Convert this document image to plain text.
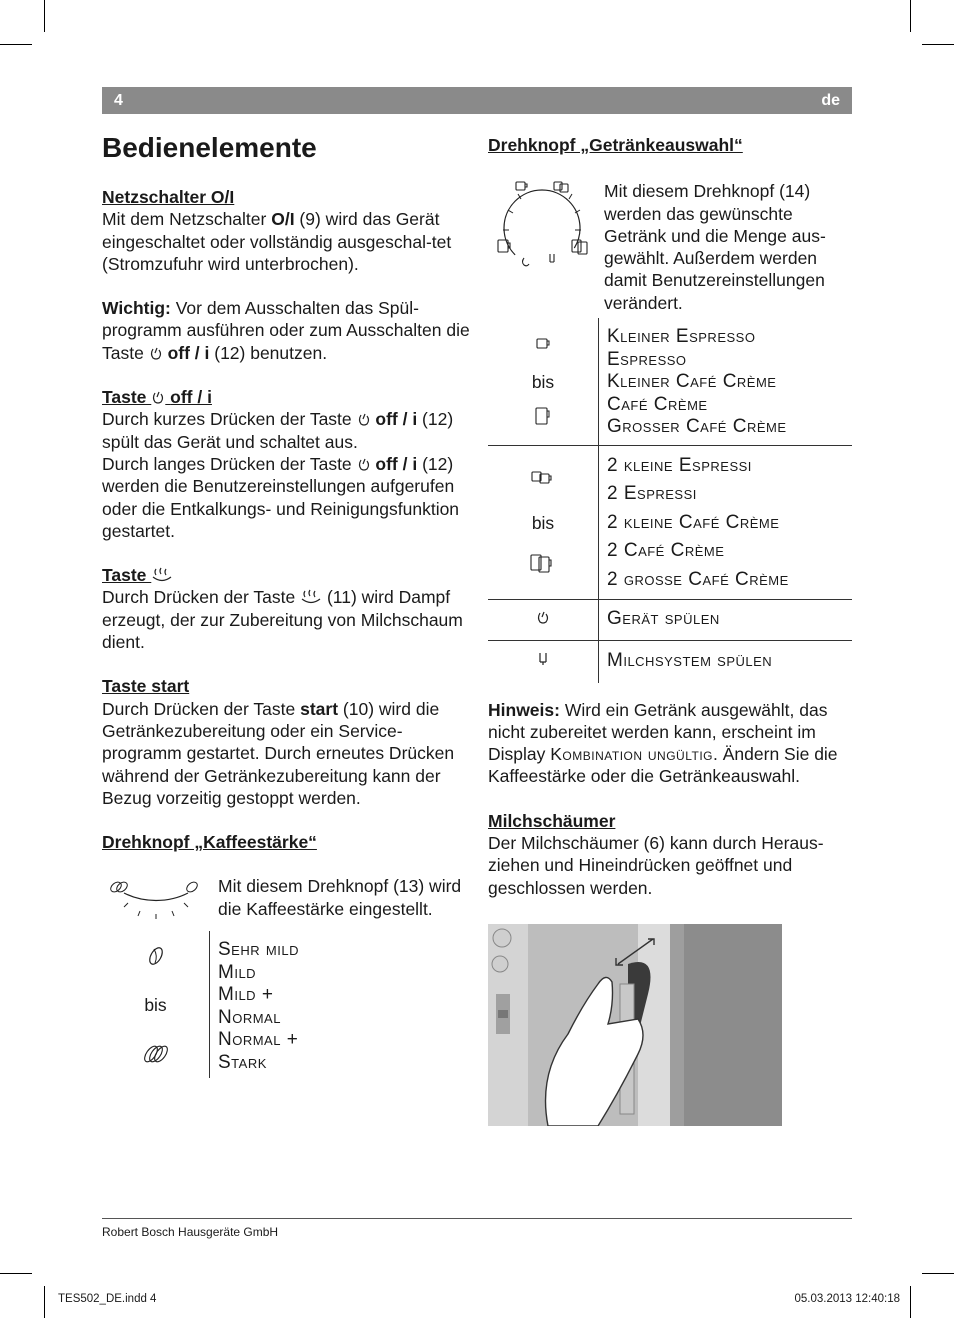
4	de
Bedienelemente

Netzschalter O/I

Mit dem Netzschalter O/I (9) wird das Gerät eingeschaltet oder vollständig ausgeschal-tet (Stromzufuhr wird unterbrochen).

Wichtig: Vor dem Ausschalten das Spül-programm ausführen oder zum Ausschalten die Taste  off / i (12) benutzen.

Taste  off / i

Durch kurzes Drücken der Taste  off / i (12) spült das Gerät und schaltet aus.
Durch langes Drücken der Taste  off / i (12) werden die Benutzereinstellungen aufgerufen oder die Entkalkungs- und Reinigungsfunktion gestartet.

Taste

Durch Drücken der Taste  (11) wird Dampf erzeugt, der zur Zubereitung von Milchschaum dient.

Taste start

Durch Drücken der Taste start (10) wird die Getränkezubereitung oder ein Service-programm gestartet. Durch erneutes Drücken während der Getränkezubereitung kann der Bezug vorzeitig gestoppt werden.

Drehknopf „Kaffeestärke“

Mit diesem Drehknopf (13) wird die Kaffeestärke eingestellt.

bis

Sehr mild
Mild
Mild +
Normal
Normal +
Stark

Drehknopf „Getränkeauswahl“

Mit diesem Drehknopf (14) werden das gewünschte Getränk und die Menge aus-gewählt. Außerdem werden damit Benutzereinstellungen verändert.

bis	Kleiner Espresso
Espresso
Kleiner Café Crème
Café Crème
Grosser Café Crème

bis	2 kleine Espressi
2 Espressi
2 kleine Café Crème
2 Café Crème
2 grosse Café Crème

	Gerät spülen
	Milchsystem spülen

Hinweis: Wird ein Getränk ausgewählt, das nicht zubereitet werden kann, erscheint im Display Kombination ungültig. Ändern Sie die Kaffeestärke oder die Getränkeauswahl.

Milchschäumer

Der Milchschäumer (6) kann durch Heraus-ziehen und Hineindrücken geöffnet und geschlossen werden.

Robert Bosch Hausgeräte GmbH
TES502_DE.indd 4	05.03.2013 12:40:18
